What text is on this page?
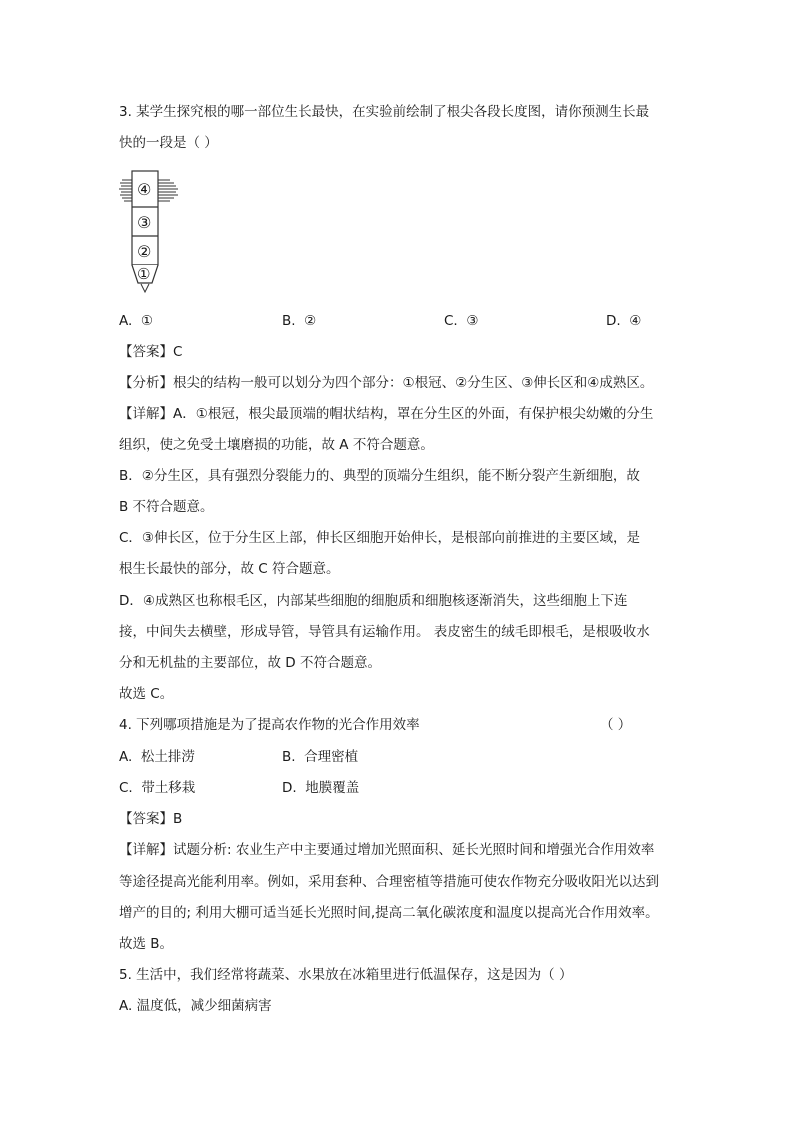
3. 某学生探究根的哪一部位生长最快，在实验前绘制了根尖各段长度图，请你预测生长最
快的一段是（ ）
④
③
②
①
A. ①	B. ②	C. ③	D. ④
【答案】C
【分析】根尖的结构一般可以划分为四个部分：①根冠、②分生区、③伸长区和④成熟区。
【详解】A．①根冠，根尖最顶端的帽状结构，罩在分生区的外面，有保护根尖幼嫩的分生
组织，使之免受土壤磨损的功能，故 A 不符合题意。
B．②分生区，具有强烈分裂能力的、典型的顶端分生组织，能不断分裂产生新细胞，故
B 不符合题意。
C．③伸长区，位于分生区上部，伸长区细胞开始伸长，是根部向前推进的主要区域，是
根生长最快的部分，故 C 符合题意。
D．④成熟区也称根毛区，内部某些细胞的细胞质和细胞核逐渐消失，这些细胞上下连
接，中间失去横壁，形成导管，导管具有运输作用。 表皮密生的绒毛即根毛，是根吸收水
分和无机盐的主要部位，故 D 不符合题意。
故选 C。
4. 下列哪项措施是为了提高农作物的光合作用效率	（ ）
A. 松土排涝	B. 合理密植
C. 带土移栽	D. 地膜覆盖
【答案】B
【详解】试题分析: 农业生产中主要通过增加光照面积、延长光照时间和增强光合作用效率
等途径提高光能利用率。例如，采用套种、合理密植等措施可使农作物充分吸收阳光以达到
增产的目的; 利用大棚可适当延长光照时间,提高二氧化碳浓度和温度以提高光合作用效率。
故选 B。
5. 生活中，我们经常将蔬菜、水果放在冰箱里进行低温保存，这是因为（ ）
A. 温度低，减少细菌病害
